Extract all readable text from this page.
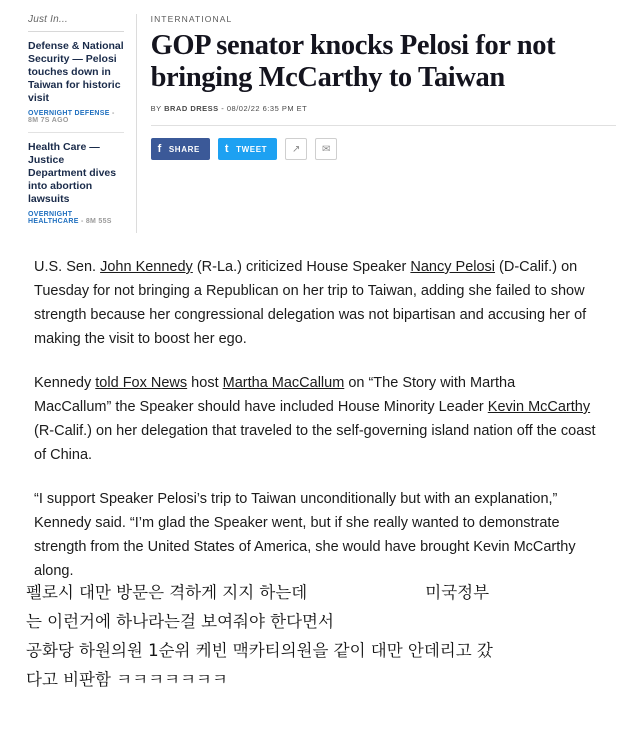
Just In...

Defense & National Security — Pelosi touches down in Taiwan for historic visit

OVERNIGHT DEFENSE - 8M 7S AGO

Health Care — Justice Department dives into abortion lawsuits

OVERNIGHT HEALTHCARE - 8M 55S
INTERNATIONAL
GOP senator knocks Pelosi for not bringing McCarthy to Taiwan
BY BRAD DRESS - 08/02/22 6:35 PM ET
f SHARE t TWEET ↗ ✉

U.S. Sen. John Kennedy (R-La.) criticized House Speaker Nancy Pelosi (D-Calif.) on Tuesday for not bringing a Republican on her trip to Taiwan, adding she failed to show strength because her congressional delegation was not bipartisan and accusing her of making the visit to boost her ego.

Kennedy told Fox News host Martha MacCallum on “The Story with Martha MacCallum” the Speaker should have included House Minority Leader Kevin McCarthy (R-Calif.) on her delegation that traveled to the self-governing island nation off the coast of China.

“I support Speaker Pelosi’s trip to Taiwan unconditionally but with an explanation,” Kennedy said. “I’m glad the Speaker went, but if she really wanted to demonstrate strength from the United States of America, she would have brought Kevin McCarthy along.

펠로시 대만 방문은 격하게 지지 하는데	미국정부
는 이런거에 하나라는걸 보여줘야 한다면서
공화당 하원의원 1순위 케빈 맥카티의원을 같이 대만 안데리고 갔
다고 비판함 ㅋㅋㅋㅋㅋㅋㅋ
